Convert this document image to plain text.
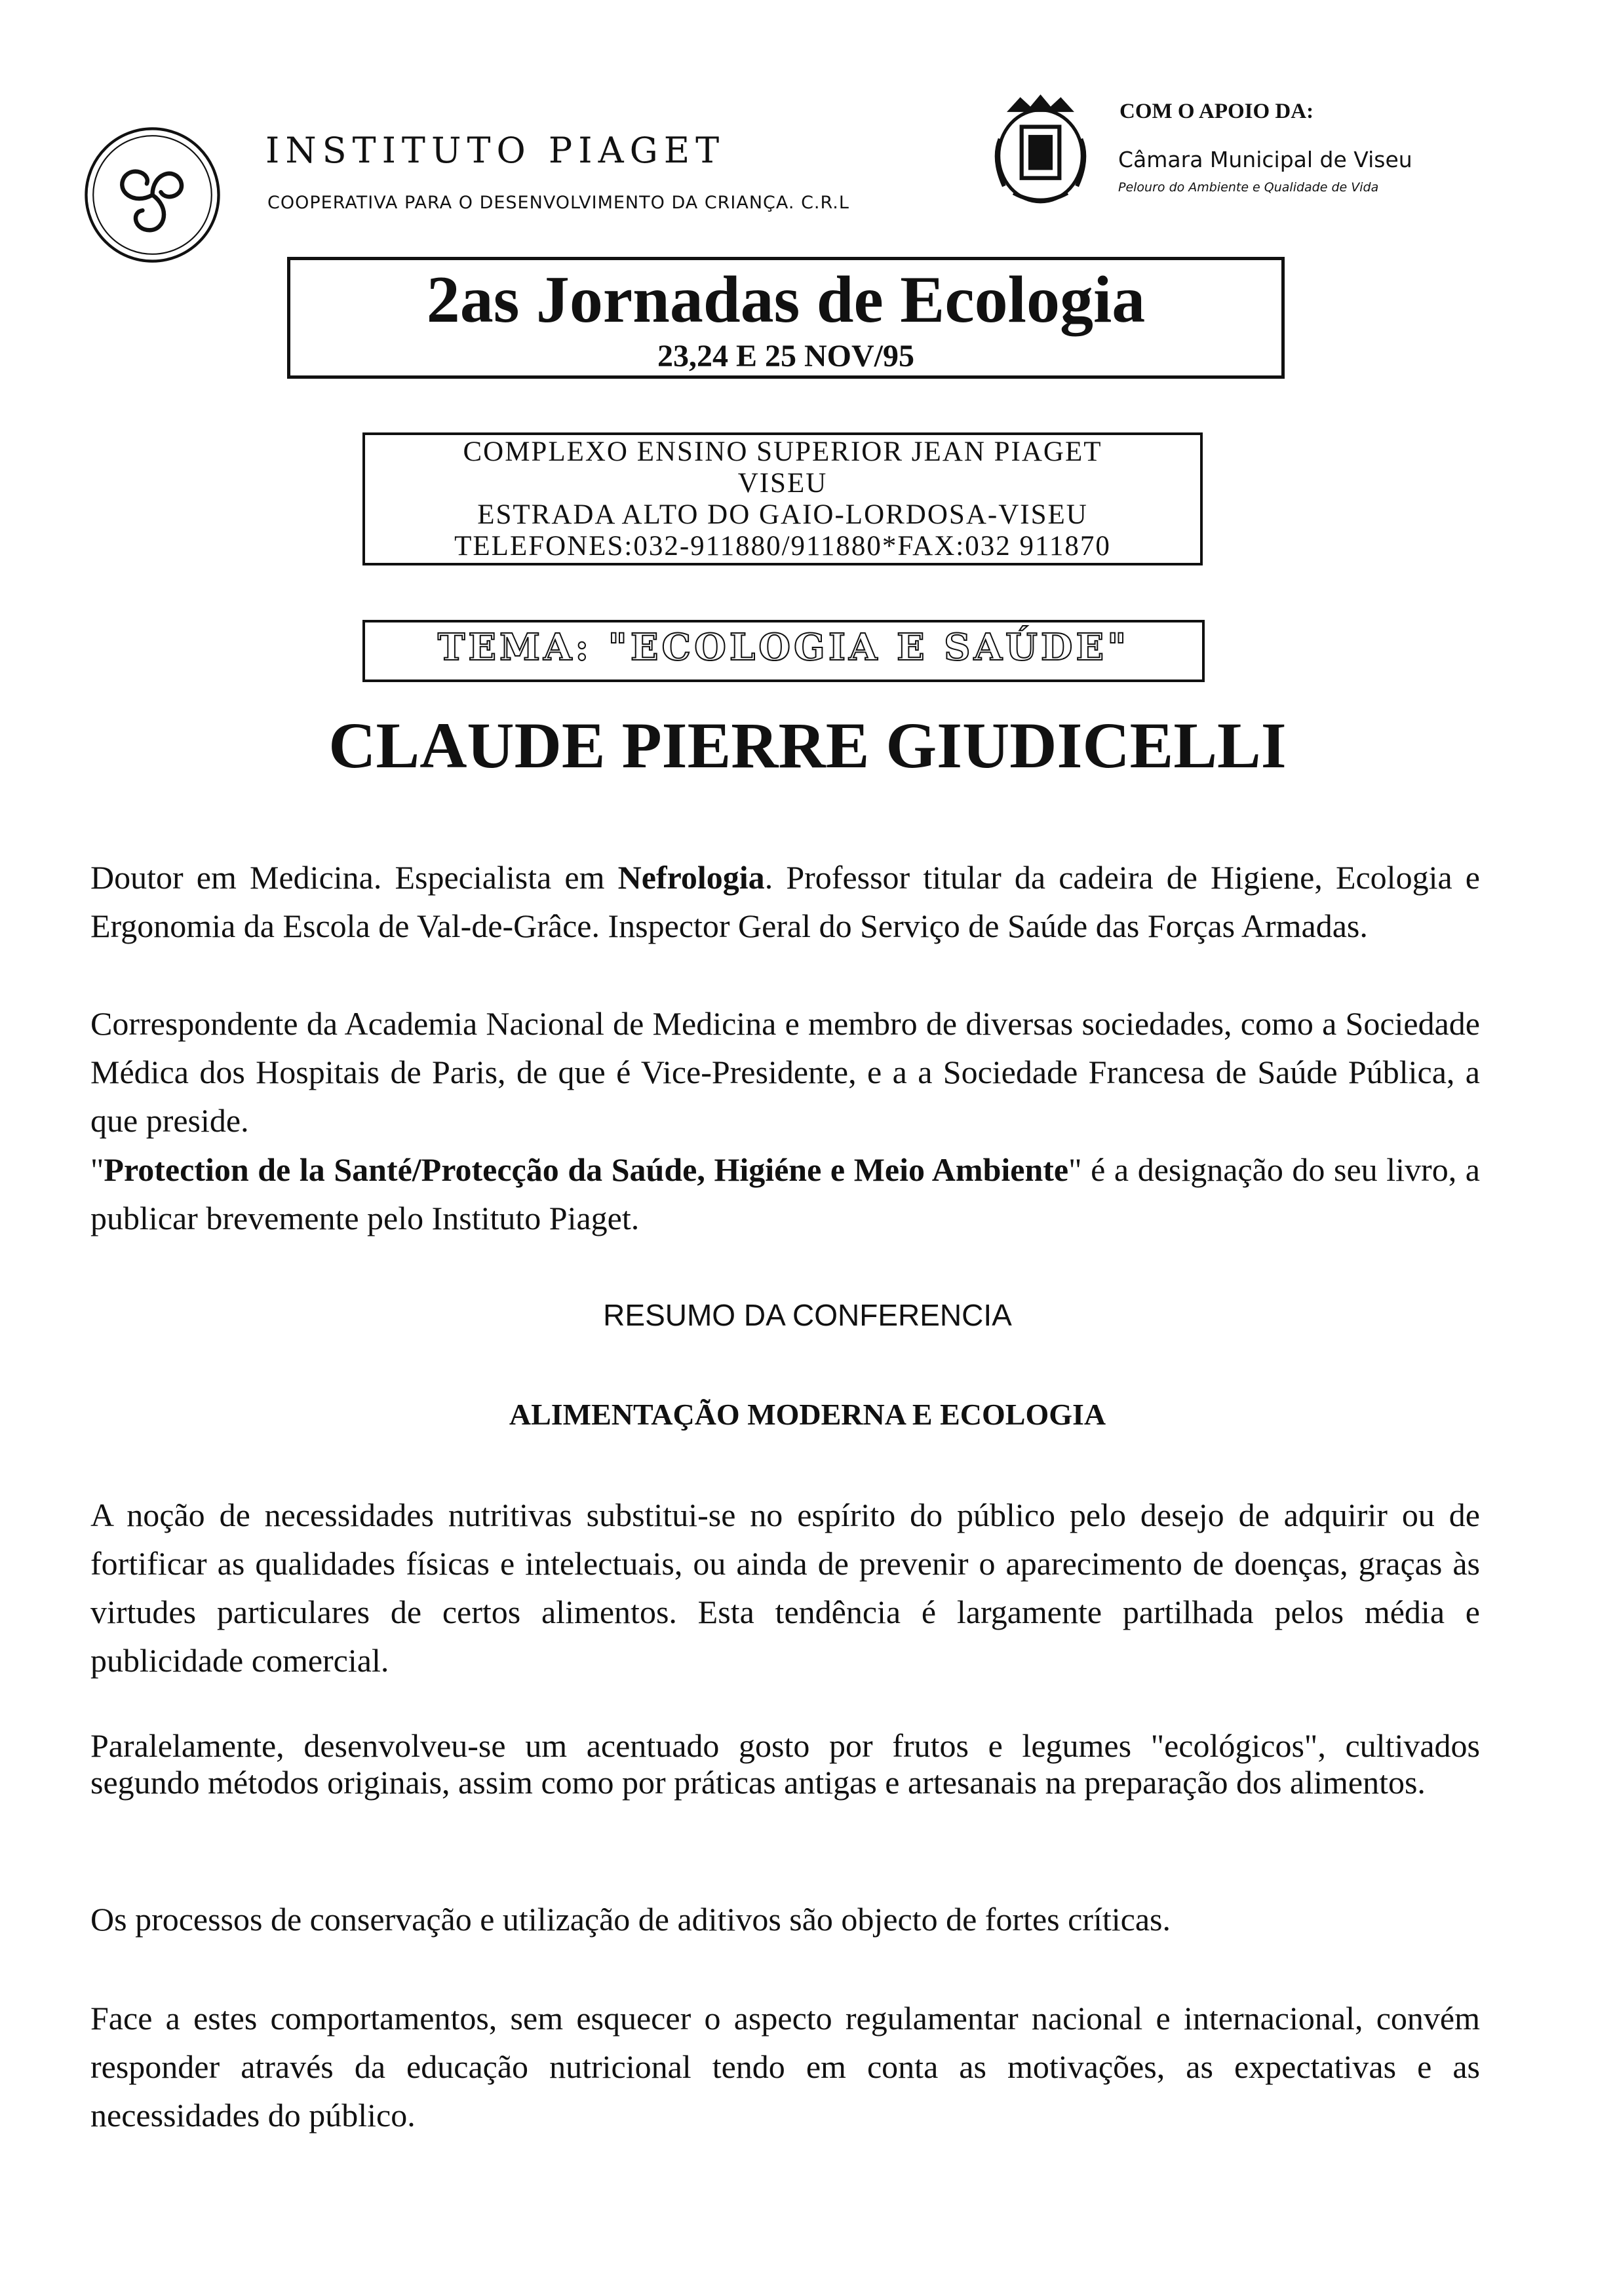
INSTITUTO PIAGET
COOPERATIVA PARA O DESENVOLVIMENTO DA CRIANÇA. C.R.L
COM O APOIO DA:
Câmara Municipal de Viseu
Pelouro do Ambiente e Qualidade de Vida
2as Jornadas de Ecologia
23,24 E 25 NOV/95
COMPLEXO ENSINO SUPERIOR JEAN PIAGET
VISEU
ESTRADA ALTO DO GAIO-LORDOSA-VISEU
TELEFONES:032-911880/911880*FAX:032 911870
TEMA: "ECOLOGIA E SAÚDE"
CLAUDE PIERRE GIUDICELLI
Doutor em Medicina. Especialista em Nefrologia. Professor titular da cadeira de Higiene, Ecologia e Ergonomia da Escola de Val-de-Grâce. Inspector Geral do Serviço de Saúde das Forças Armadas.
Correspondente da Academia Nacional de Medicina e membro de diversas sociedades, como a Sociedade Médica dos Hospitais de Paris, de que é Vice-Presidente, e a a Sociedade Francesa de Saúde Pública, a que preside.
"Protection de la Santé/Protecção da Saúde, Higiéne e Meio Ambiente" é a designação do seu livro, a publicar brevemente pelo Instituto Piaget.
RESUMO DA CONFERENCIA
ALIMENTAÇÃO MODERNA E ECOLOGIA
A noção de necessidades nutritivas substitui-se no espírito do público pelo desejo de adquirir ou de fortificar as qualidades físicas e intelectuais, ou ainda de prevenir o aparecimento de doenças, graças às virtudes particulares de certos alimentos. Esta tendência é largamente partilhada pelos média e publicidade comercial.
Paralelamente, desenvolveu-se um acentuado gosto por frutos e legumes "ecológicos", cultivados segundo métodos originais, assim como por práticas antigas e artesanais na preparação dos alimentos.
Os processos de conservação e utilização de aditivos são objecto de fortes críticas.
Face a estes comportamentos, sem esquecer o aspecto regulamentar nacional e internacional, convém responder através da educação nutricional tendo em conta as motivações, as expectativas e as necessidades do público.
